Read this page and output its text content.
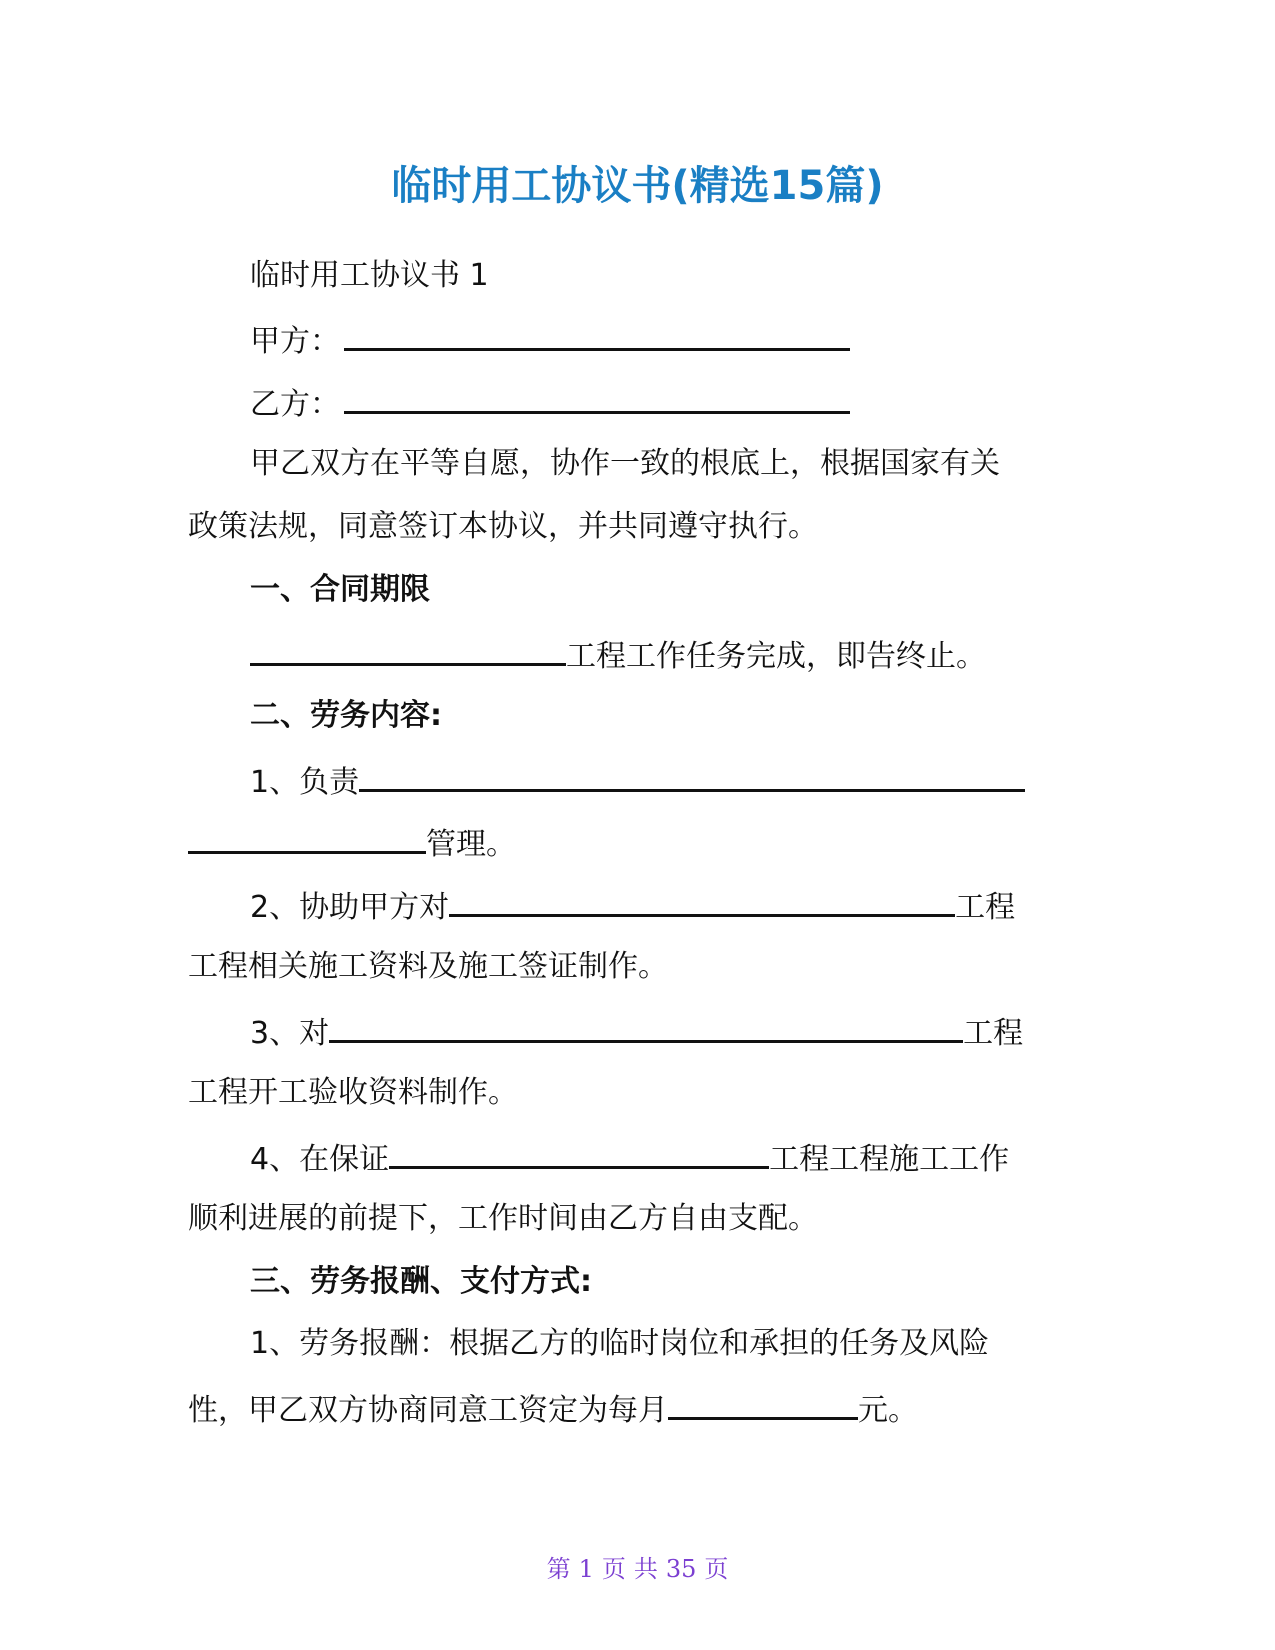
临时用工协议书(精选15篇)
临时用工协议书 1
甲方：
乙方：
甲乙双方在平等自愿，协作一致的根底上，根据国家有关
政策法规，同意签订本协议，并共同遵守执行。
一、合同期限
工程工作任务完成，即告终止。
二、劳务内容:
1、负责
管理。
2、协助甲方对	工程
工程相关施工资料及施工签证制作。
3、对	工程
工程开工验收资料制作。
4、在保证	工程工程施工工作
顺利进展的前提下，工作时间由乙方自由支配。
三、劳务报酬、支付方式:
1、劳务报酬：根据乙方的临时岗位和承担的任务及风险
性，甲乙双方协商同意工资定为每月	元。
第 1 页 共 35 页
